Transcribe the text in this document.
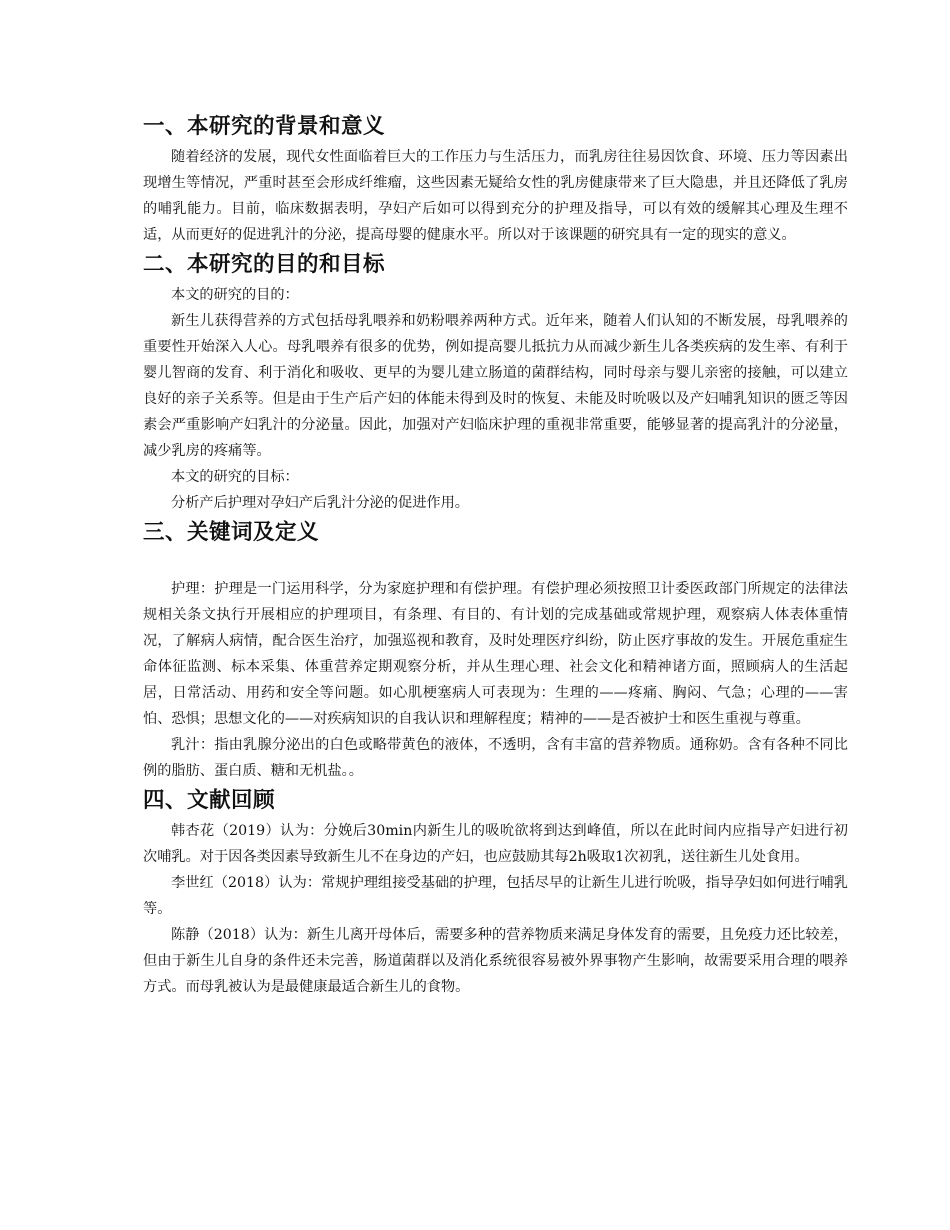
一、本研究的背景和意义

随着经济的发展，现代女性面临着巨大的工作压力与生活压力，而乳房往往易因饮食、环境、压力等因素出现增生等情况，严重时甚至会形成纤维瘤，这些因素无疑给女性的乳房健康带来了巨大隐患，并且还降低了乳房的哺乳能力。目前，临床数据表明，孕妇产后如可以得到充分的护理及指导，可以有效的缓解其心理及生理不适，从而更好的促进乳汁的分泌，提高母婴的健康水平。所以对于该课题的研究具有一定的现实的意义。

二、本研究的目的和目标

本文的研究的目的：

新生儿获得营养的方式包括母乳喂养和奶粉喂养两种方式。近年来，随着人们认知的不断发展，母乳喂养的重要性开始深入人心。母乳喂养有很多的优势，例如提高婴儿抵抗力从而减少新生儿各类疾病的发生率、有利于婴儿智商的发育、利于消化和吸收、更早的为婴儿建立肠道的菌群结构，同时母亲与婴儿亲密的接触，可以建立良好的亲子关系等。但是由于生产后产妇的体能未得到及时的恢复、未能及时吮吸以及产妇哺乳知识的匮乏等因素会严重影响产妇乳汁的分泌量。因此，加强对产妇临床护理的重视非常重要，能够显著的提高乳汁的分泌量，减少乳房的疼痛等。

本文的研究的目标：

分析产后护理对孕妇产后乳汁分泌的促进作用。

三、关键词及定义

护理：护理是一门运用科学，分为家庭护理和有偿护理。有偿护理必须按照卫计委医政部门所规定的法律法规相关条文执行开展相应的护理项目，有条理、有目的、有计划的完成基础或常规护理，观察病人体表体重情况，了解病人病情，配合医生治疗，加强巡视和教育，及时处理医疗纠纷，防止医疗事故的发生。开展危重症生命体征监测、标本采集、体重营养定期观察分析，并从生理心理、社会文化和精神诸方面，照顾病人的生活起居，日常活动、用药和安全等问题。如心肌梗塞病人可表现为：生理的——疼痛、胸闷、气急；心理的——害怕、恐惧；思想文化的——对疾病知识的自我认识和理解程度；精神的——是否被护士和医生重视与尊重。

乳汁：指由乳腺分泌出的白色或略带黄色的液体，不透明，含有丰富的营养物质。通称奶。含有各种不同比例的脂肪、蛋白质、糖和无机盐。。

四、文献回顾

韩杏花（2019）认为：分娩后30min内新生儿的吸吮欲将到达到峰值，所以在此时间内应指导产妇进行初次哺乳。对于因各类因素导致新生儿不在身边的产妇，也应鼓励其每2h吸取1次初乳，送往新生儿处食用。

李世红（2018）认为：常规护理组接受基础的护理，包括尽早的让新生儿进行吮吸，指导孕妇如何进行哺乳等。

陈静（2018）认为：新生儿离开母体后，需要多种的营养物质来满足身体发育的需要，且免疫力还比较差，但由于新生儿自身的条件还未完善，肠道菌群以及消化系统很容易被外界事物产生影响，故需要采用合理的喂养方式。而母乳被认为是最健康最适合新生儿的食物。
